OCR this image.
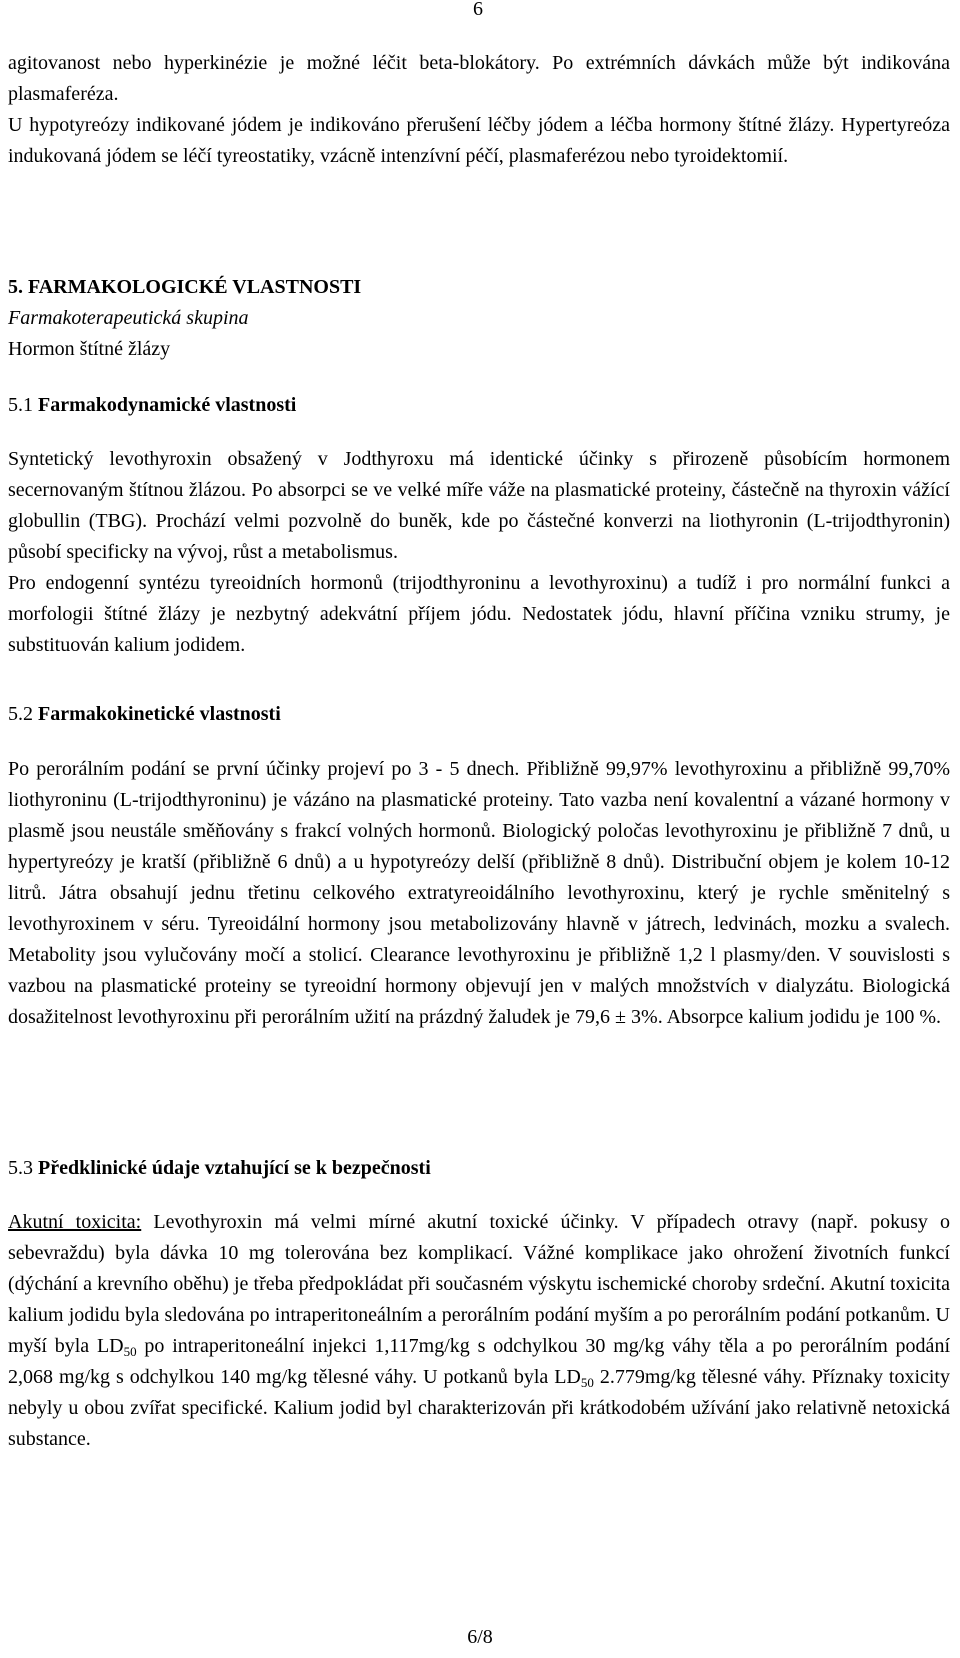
6

agitovanost nebo hyperkinézie je možné léčit beta-blokátory. Po extrémních dávkách může být indikována plasmaferéza.

U hypotyreózy indikované jódem je indikováno přerušení léčby jódem a léčba hormony štítné žlázy. Hypertyreóza indukovaná jódem se léčí tyreostatiky, vzácně intenzívní péčí, plasmaferézou nebo tyroidektomií.

5. FARMAKOLOGICKÉ VLASTNOSTI

Farmakoterapeutická skupina

Hormon štítné žlázy

5.1 Farmakodynamické vlastnosti

Syntetický levothyroxin obsažený v Jodthyroxu má identické účinky s přirozeně působícím hormonem secernovaným štítnou žlázou. Po absorpci se ve velké míře váže na plasmatické proteiny, částečně na thyroxin vážící globullin (TBG). Prochází velmi pozvolně do buněk, kde po částečné konverzi na liothyronin (L-trijodthyronin) působí specificky na vývoj, růst a metabolismus.

Pro endogenní syntézu tyreoidních hormonů (trijodthyroninu a levothyroxinu) a tudíž i pro normální funkci a morfologii štítné žlázy je nezbytný adekvátní příjem jódu. Nedostatek jódu, hlavní příčina vzniku strumy, je substituován kalium jodidem.

5.2 Farmakokinetické vlastnosti

Po perorálním podání se první účinky projeví po 3 - 5 dnech. Přibližně 99,97% levothyroxinu a přibližně 99,70% liothyroninu (L-trijodthyroninu) je vázáno na plasmatické proteiny. Tato vazba není kovalentní a vázané hormony v plasmě jsou neustále směňovány s frakcí volných hormonů. Biologický poločas levothyroxinu je přibližně 7 dnů, u hypertyreózy je kratší (přibližně 6 dnů) a u hypotyreózy delší (přibližně 8 dnů). Distribuční objem je kolem 10-12 litrů. Játra obsahují jednu třetinu celkového extratyreoidálního levothyroxinu, který je rychle směnitelný s levothyroxinem v séru. Tyreoidální hormony jsou metabolizovány hlavně v játrech, ledvinách, mozku a svalech. Metabolity jsou vylučovány močí a stolicí. Clearance levothyroxinu je přibližně 1,2 l plasmy/den. V souvislosti s vazbou na plasmatické proteiny se tyreoidní hormony objevují jen v malých množstvích v dialyzátu. Biologická dosažitelnost levothyroxinu při perorálním užití na prázdný žaludek je 79,6 ± 3%. Absorpce kalium jodidu je 100 %.

5.3 Předklinické údaje vztahující se k bezpečnosti

Akutní toxicita: Levothyroxin má velmi mírné akutní toxické účinky. V případech otravy (např. pokusy o sebevraždu) byla dávka 10 mg tolerována bez komplikací. Vážné komplikace jako ohrožení životních funkcí (dýchání a krevního oběhu) je třeba předpokládat při současném výskytu ischemické choroby srdeční. Akutní toxicita kalium jodidu byla sledována po intraperitoneálním a perorálním podání myším a po perorálním podání potkanům. U myší byla $LD_{50}$ po intraperitoneální injekci 1,117mg/kg s odchylkou 30 mg/kg váhy těla a po perorálním podání 2,068 mg/kg s odchylkou 140 mg/kg tělesné váhy. U potkanů byla $LD_{50}$ 2.779mg/kg tělesné váhy. Příznaky toxicity nebyly u obou zvířat specifické. Kalium jodid byl charakterizován při krátkodobém užívání jako relativně netoxická substance.

6/8
